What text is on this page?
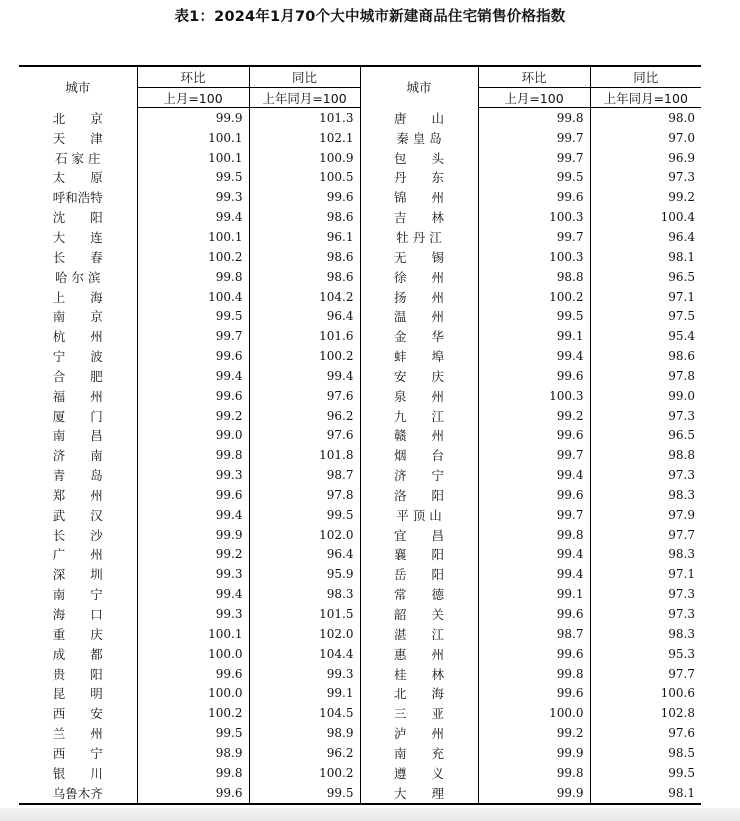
表1：2024年1月70个大中城市新建商品住宅销售价格指数
城市	环比	同比	城市	环比	同比
	上月=100	上年同月=100		上月=100	上年同月=100
北　　京	99.9	101.3	唐　　山	99.8	98.0
天　　津	100.1	102.1	秦 皇 岛	99.7	97.0
石 家 庄	100.1	100.9	包　　头	99.7	96.9
太　　原	99.5	100.5	丹　　东	99.5	97.3
呼和浩特	99.3	99.6	锦　　州	99.6	99.2
沈　　阳	99.4	98.6	吉　　林	100.3	100.4
大　　连	100.1	96.1	牡 丹 江	99.7	96.4
长　　春	100.2	98.6	无　　锡	100.3	98.1
哈 尔 滨	99.8	98.6	徐　　州	98.8	96.5
上　　海	100.4	104.2	扬　　州	100.2	97.1
南　　京	99.5	96.4	温　　州	99.5	97.5
杭　　州	99.7	101.6	金　　华	99.1	95.4
宁　　波	99.6	100.2	蚌　　埠	99.4	98.6
合　　肥	99.4	99.4	安　　庆	99.6	97.8
福　　州	99.6	97.6	泉　　州	100.3	99.0
厦　　门	99.2	96.2	九　　江	99.2	97.3
南　　昌	99.0	97.6	赣　　州	99.6	96.5
济　　南	99.8	101.8	烟　　台	99.7	98.8
青　　岛	99.3	98.7	济　　宁	99.4	97.3
郑　　州	99.6	97.8	洛　　阳	99.6	98.3
武　　汉	99.4	99.5	平 顶 山	99.7	97.9
长　　沙	99.9	102.0	宜　　昌	99.8	97.7
广　　州	99.2	96.4	襄　　阳	99.4	98.3
深　　圳	99.3	95.9	岳　　阳	99.4	97.1
南　　宁	99.4	98.3	常　　德	99.1	97.3
海　　口	99.3	101.5	韶　　关	99.6	97.3
重　　庆	100.1	102.0	湛　　江	98.7	98.3
成　　都	100.0	104.4	惠　　州	99.6	95.3
贵　　阳	99.6	99.3	桂　　林	99.8	97.7
昆　　明	100.0	99.1	北　　海	99.6	100.6
西　　安	100.2	104.5	三　　亚	100.0	102.8
兰　　州	99.5	98.9	泸　　州	99.2	97.6
西　　宁	98.9	96.2	南　　充	99.9	98.5
银　　川	99.8	100.2	遵　　义	99.8	99.5
乌鲁木齐	99.6	99.5	大　　理	99.9	98.1
